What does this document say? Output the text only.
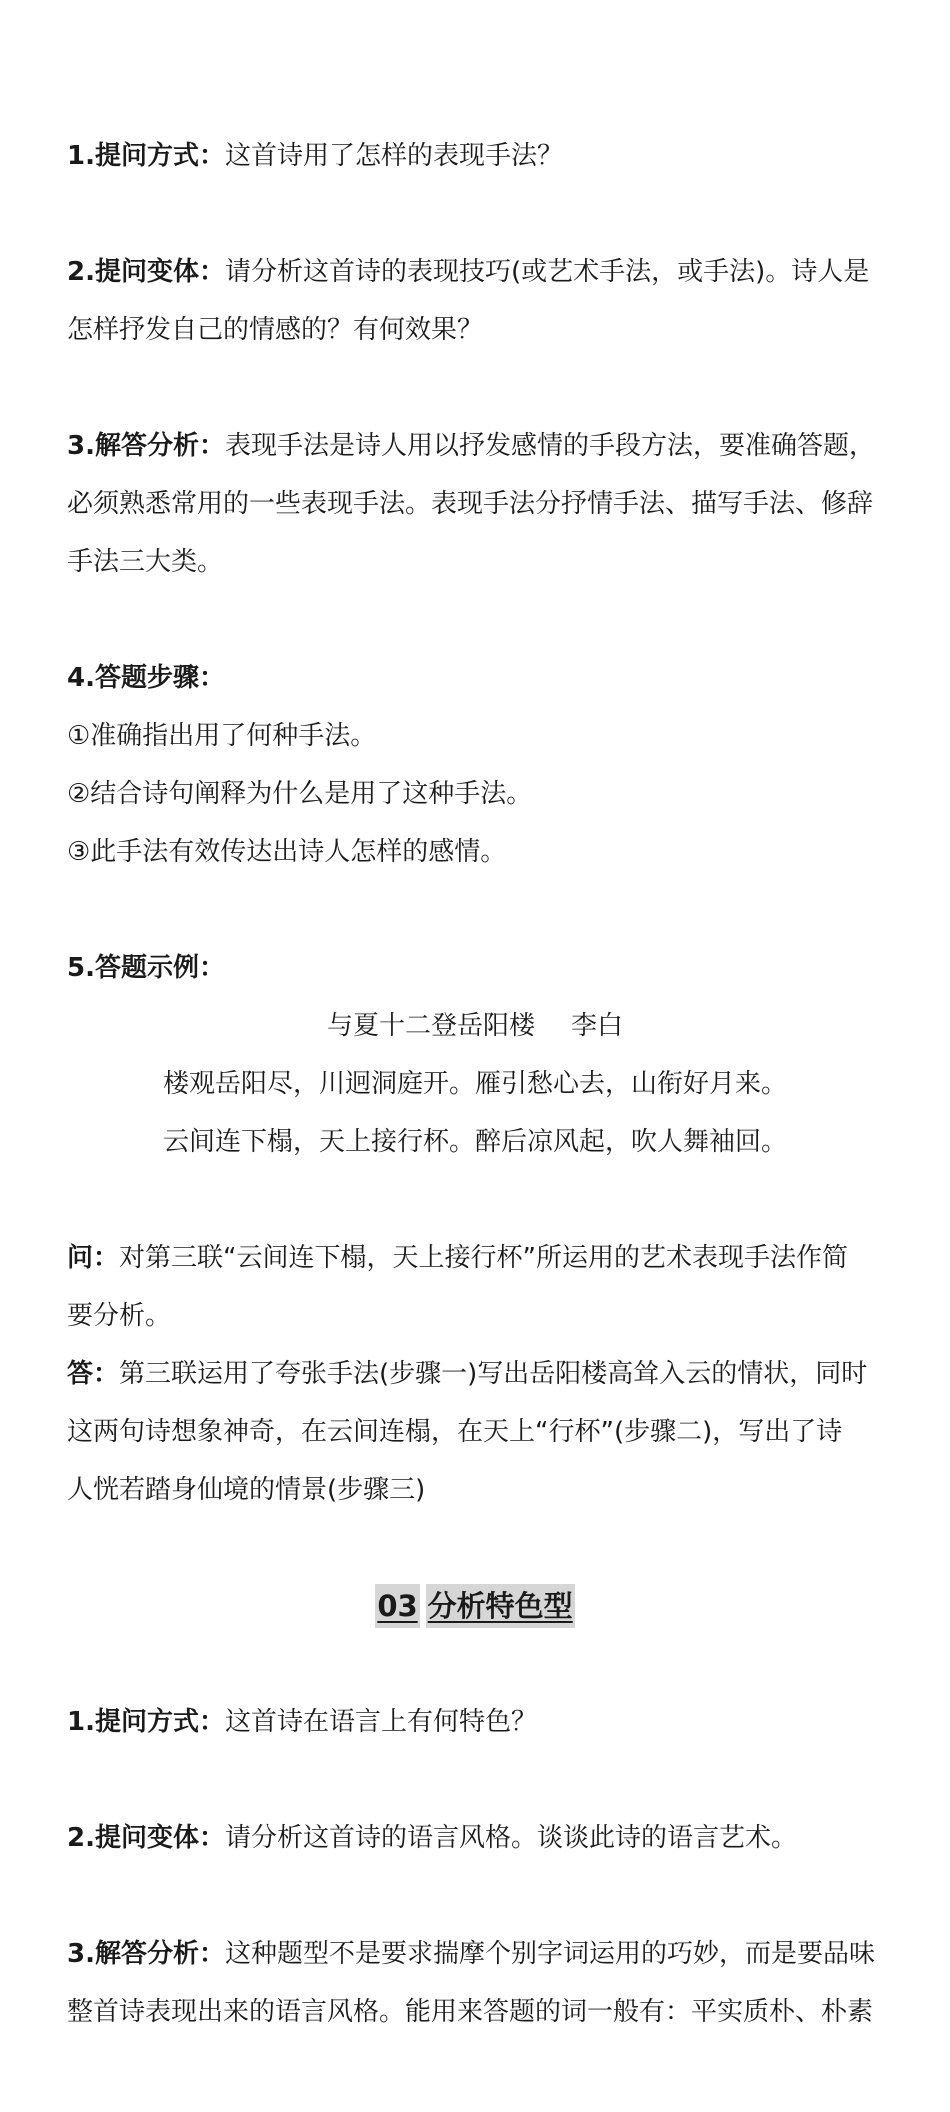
1.提问方式：这首诗用了怎样的表现手法？
2.提问变体：请分析这首诗的表现技巧(或艺术手法，或手法)。诗人是
怎样抒发自己的情感的？有何效果？
3.解答分析：表现手法是诗人用以抒发感情的手段方法，要准确答题，
必须熟悉常用的一些表现手法。表现手法分抒情手法、描写手法、修辞
手法三大类。
4.答题步骤：
①准确指出用了何种手法。
②结合诗句阐释为什么是用了这种手法。
③此手法有效传达出诗人怎样的感情。
5.答题示例：
与夏十二登岳阳楼 李白
楼观岳阳尽，川迥洞庭开。雁引愁心去，山衔好月来。
云间连下榻，天上接行杯。醉后凉风起，吹人舞袖回。
问：对第三联“云间连下榻，天上接行杯”所运用的艺术表现手法作简
要分析。
答：第三联运用了夸张手法(步骤一)写出岳阳楼高耸入云的情状，同时
这两句诗想象神奇，在云间连榻，在天上“行杯”(步骤二)，写出了诗
人恍若踏身仙境的情景(步骤三)
03 分析特色型
1.提问方式：这首诗在语言上有何特色？
2.提问变体：请分析这首诗的语言风格。谈谈此诗的语言艺术。
3.解答分析：这种题型不是要求揣摩个别字词运用的巧妙，而是要品味
整首诗表现出来的语言风格。能用来答题的词一般有：平实质朴、朴素
